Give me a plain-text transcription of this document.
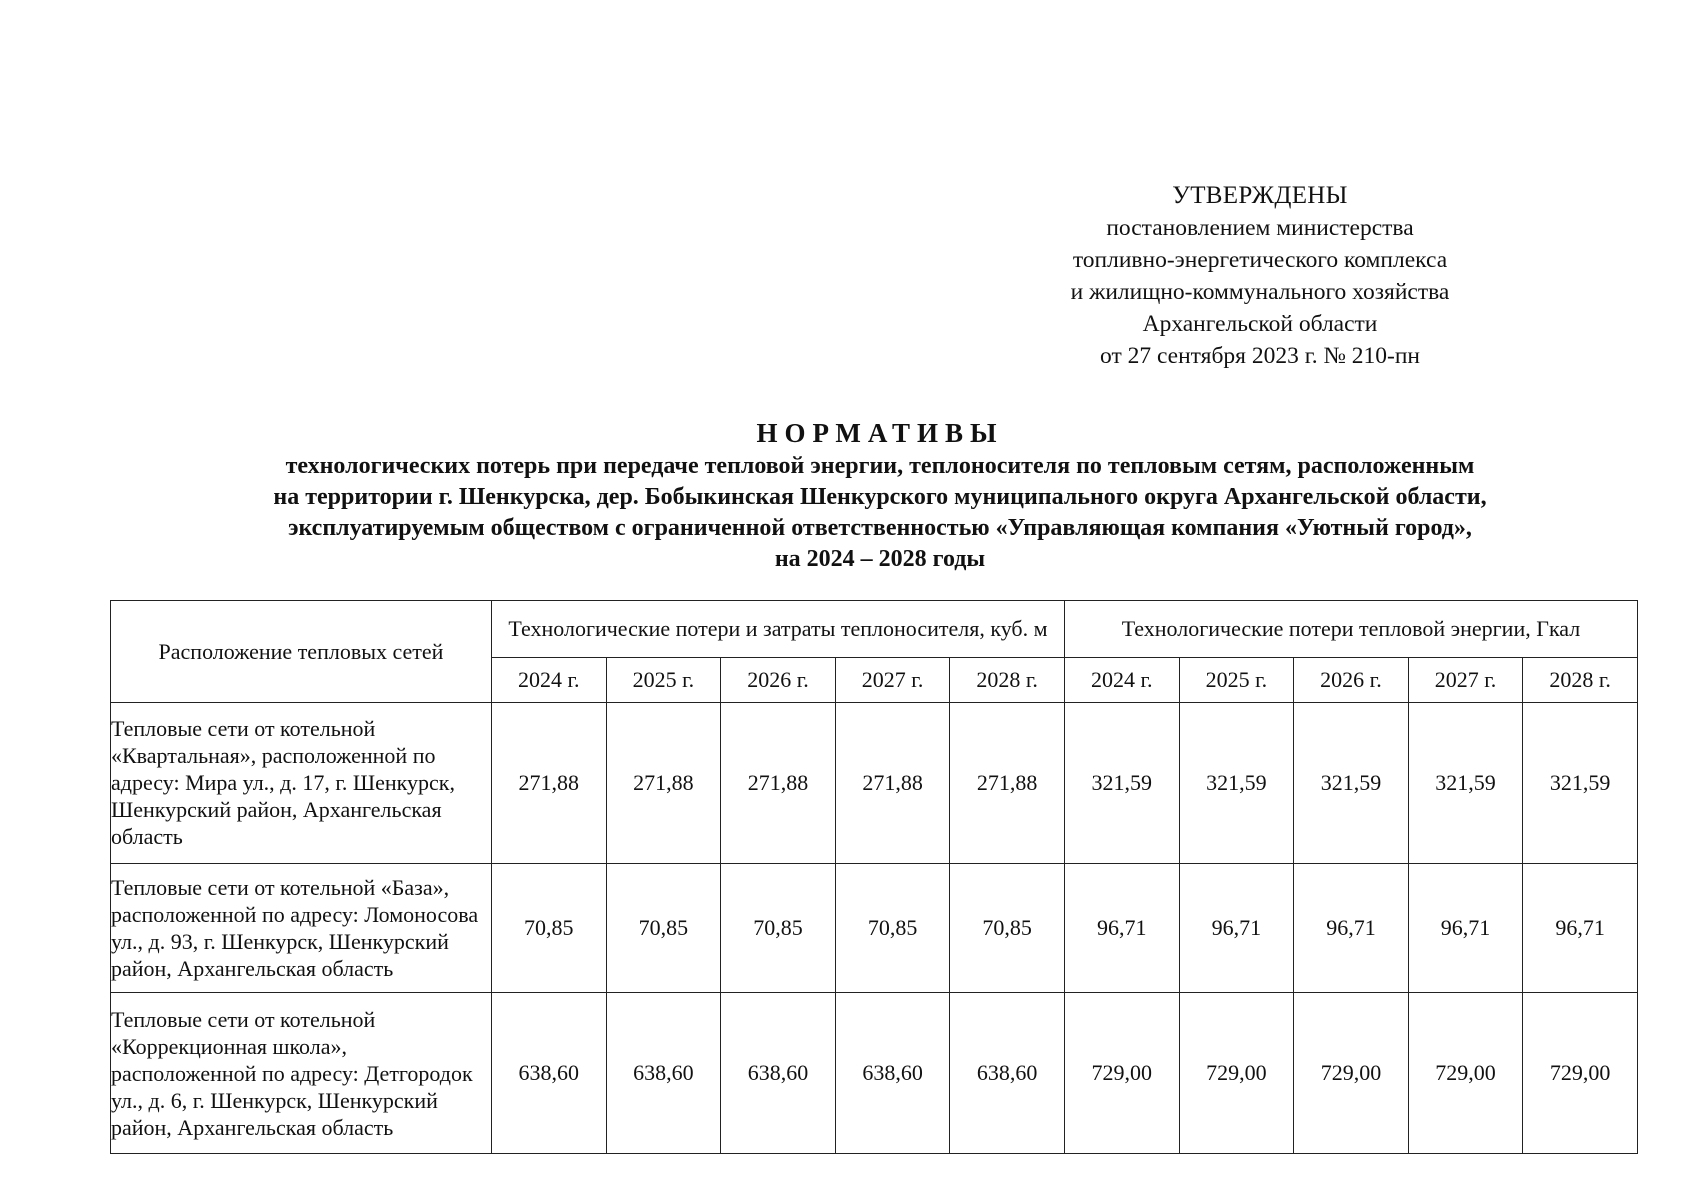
УТВЕРЖДЕНЫ
постановлением министерства
топливно-энергетического комплекса
и жилищно-коммунального хозяйства
Архангельской области
от 27 сентября 2023 г. № 210-пн
НОРМАТИВЫ
технологических потерь при передаче тепловой энергии, теплоносителя по тепловым сетям, расположенным
на территории г. Шенкурска, дер. Бобыкинская Шенкурского муниципального округа Архангельской области,
эксплуатируемым обществом с ограниченной ответственностью «Управляющая компания «Уютный город»,
на 2024 – 2028 годы
Расположение тепловых сетей	Технологические потери и затраты теплоносителя, куб. м					Технологические потери тепловой энергии, Гкал				
	2024 г.	2025 г.	2026 г.	2027 г.	2028 г.	2024 г.	2025 г.	2026 г.	2027 г.	2028 г.
Тепловые сети от котельной «Квартальная», расположенной по адресу: Мира ул., д. 17, г. Шенкурск, Шенкурский район, Архангельская область	271,88	271,88	271,88	271,88	271,88	321,59	321,59	321,59	321,59	321,59
Тепловые сети от котельной «База», расположенной по адресу: Ломоносова ул., д. 93, г. Шенкурск, Шенкурский район, Архангельская область	70,85	70,85	70,85	70,85	70,85	96,71	96,71	96,71	96,71	96,71
Тепловые сети от котельной «Коррекционная школа», расположенной по адресу: Детгородок ул., д. 6, г. Шенкурск, Шенкурский район, Архангельская область	638,60	638,60	638,60	638,60	638,60	729,00	729,00	729,00	729,00	729,00
